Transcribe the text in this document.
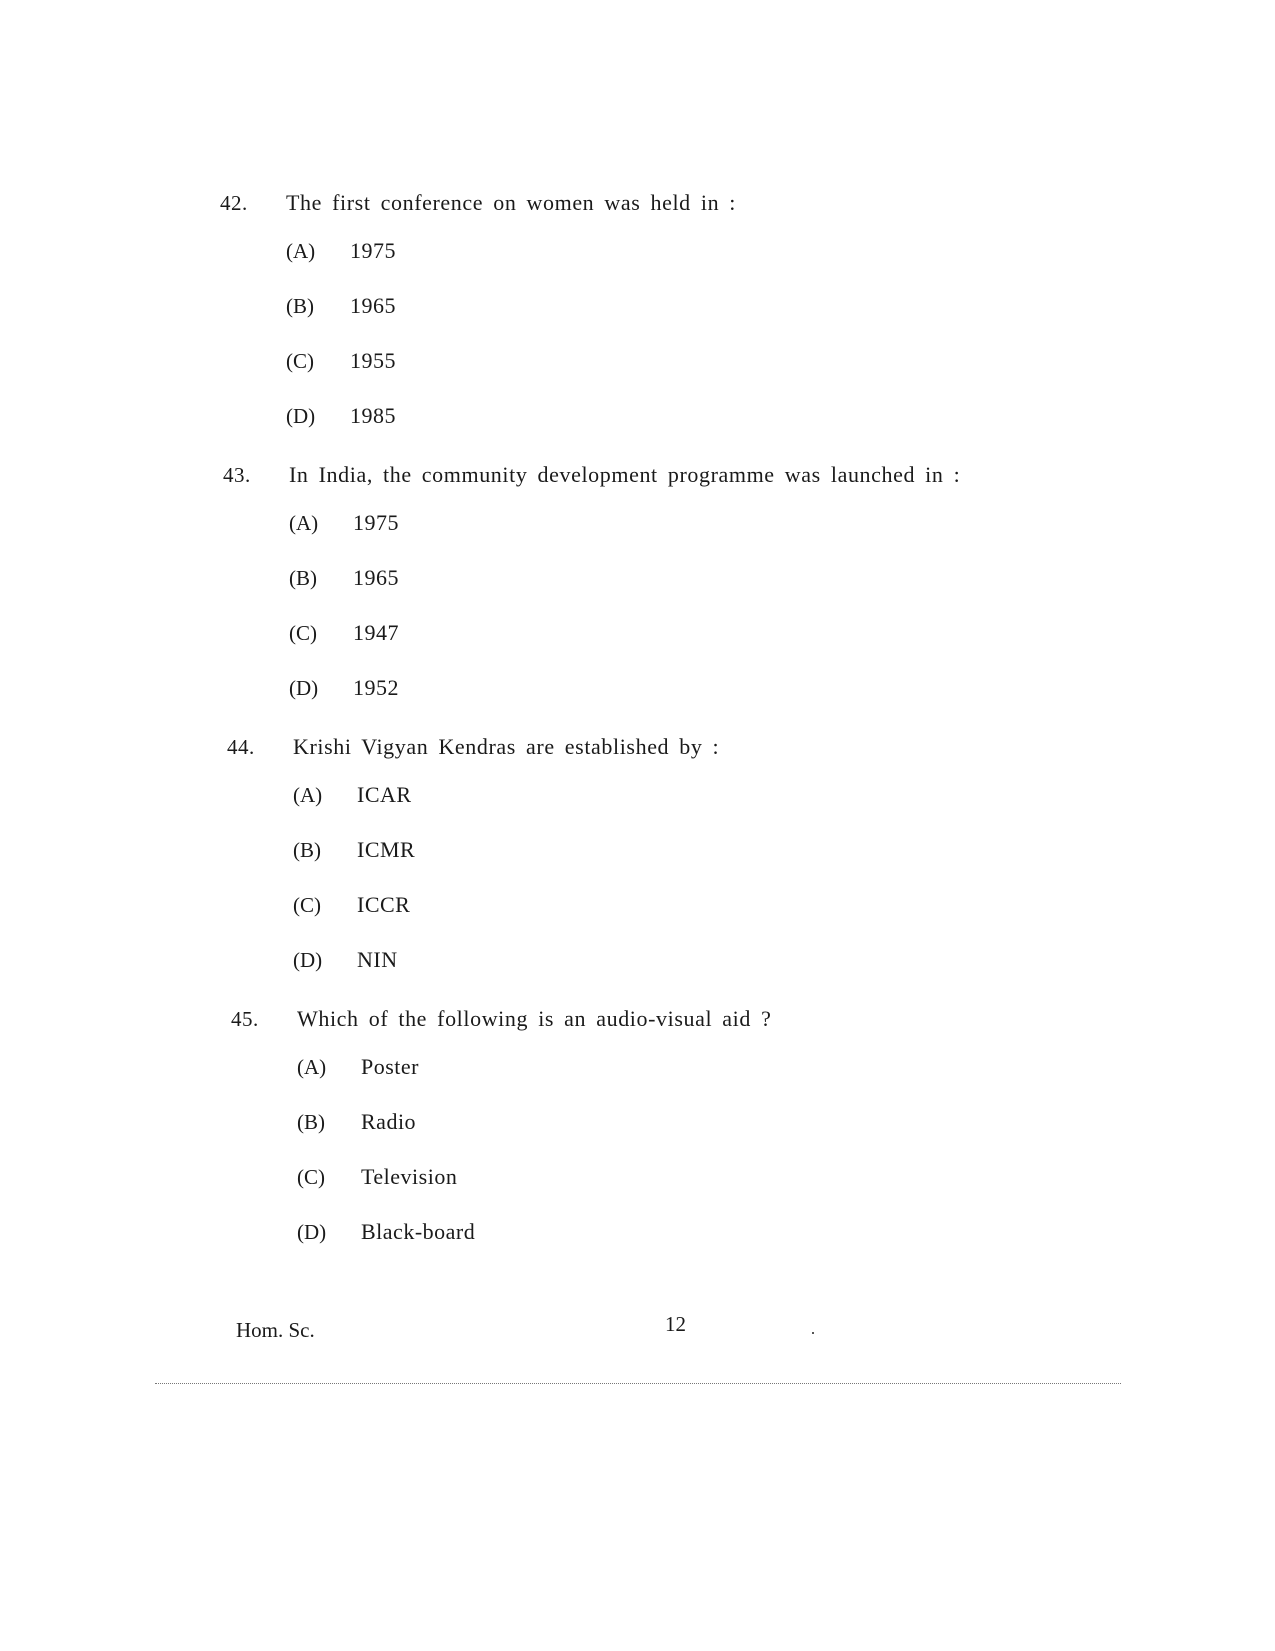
42.	The first conference on women was held in :
(A)	1975
(B)	1965
(C)	1955
(D)	1985
43.	In India, the community development programme was launched in :
(A)	1975
(B)	1965
(C)	1947
(D)	1952
44.	Krishi Vigyan Kendras are established by :
(A)	ICAR
(B)	ICMR
(C)	ICCR
(D)	NIN
45.	Which of the following is an audio-visual aid ?
(A)	Poster
(B)	Radio
(C)	Television
(D)	Black-board
Hom. Sc.	12
